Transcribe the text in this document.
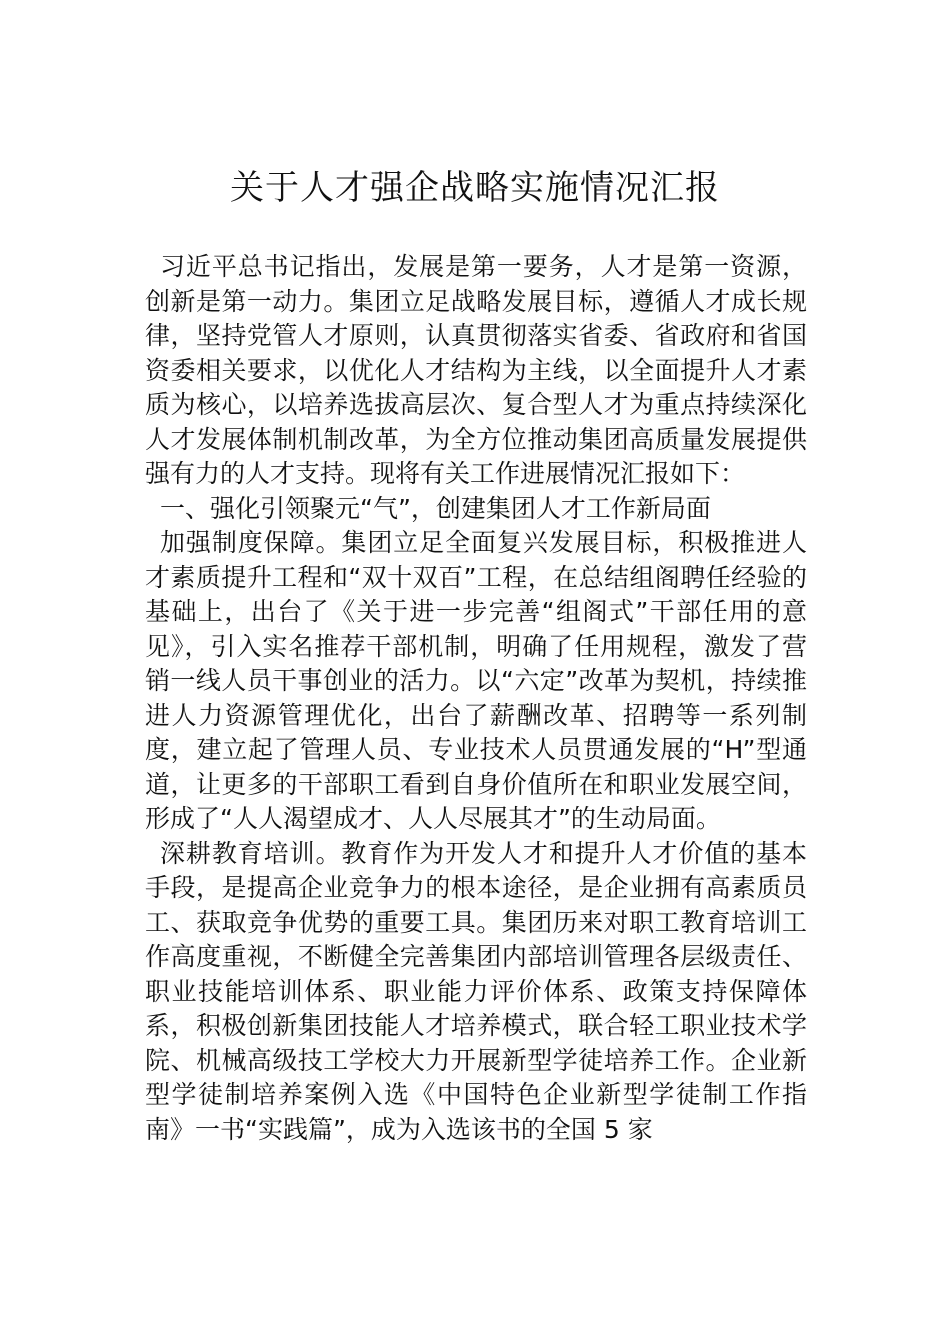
关于人才强企战略实施情况汇报

习近平总书记指出，发展是第一要务，人才是第一资源，创新是第一动力。集团立足战略发展目标，遵循人才成长规律，坚持党管人才原则，认真贯彻落实省委、省政府和省国资委相关要求，以优化人才结构为主线，以全面提升人才素质为核心，以培养选拔高层次、复合型人才为重点持续深化人才发展体制机制改革，为全方位推动集团高质量发展提供强有力的人才支持。现将有关工作进展情况汇报如下：

一、强化引领聚元“气”，创建集团人才工作新局面

加强制度保障。集团立足全面复兴发展目标，积极推进人才素质提升工程和“双十双百”工程，在总结组阁聘任经验的基础上，出台了《关于进一步完善“组阁式”干部任用的意见》，引入实名推荐干部机制，明确了任用规程，激发了营销一线人员干事创业的活力。以“六定”改革为契机，持续推进人力资源管理优化，出台了薪酬改革、招聘等一系列制度，建立起了管理人员、专业技术人员贯通发展的“H”型通道，让更多的干部职工看到自身价值所在和职业发展空间，形成了“人人渴望成才、人人尽展其才”的生动局面。

深耕教育培训。教育作为开发人才和提升人才价值的基本手段，是提高企业竞争力的根本途径，是企业拥有高素质员工、获取竞争优势的重要工具。集团历来对职工教育培训工作高度重视，不断健全完善集团内部培训管理各层级责任、职业技能培训体系、职业能力评价体系、政策支持保障体系，积极创新集团技能人才培养模式，联合轻工职业技术学院、机械高级技工学校大力开展新型学徒培养工作。企业新型学徒制培养案例入选《中国特色企业新型学徒制工作指南》一书“实践篇”，成为入选该书的全国 5 家
